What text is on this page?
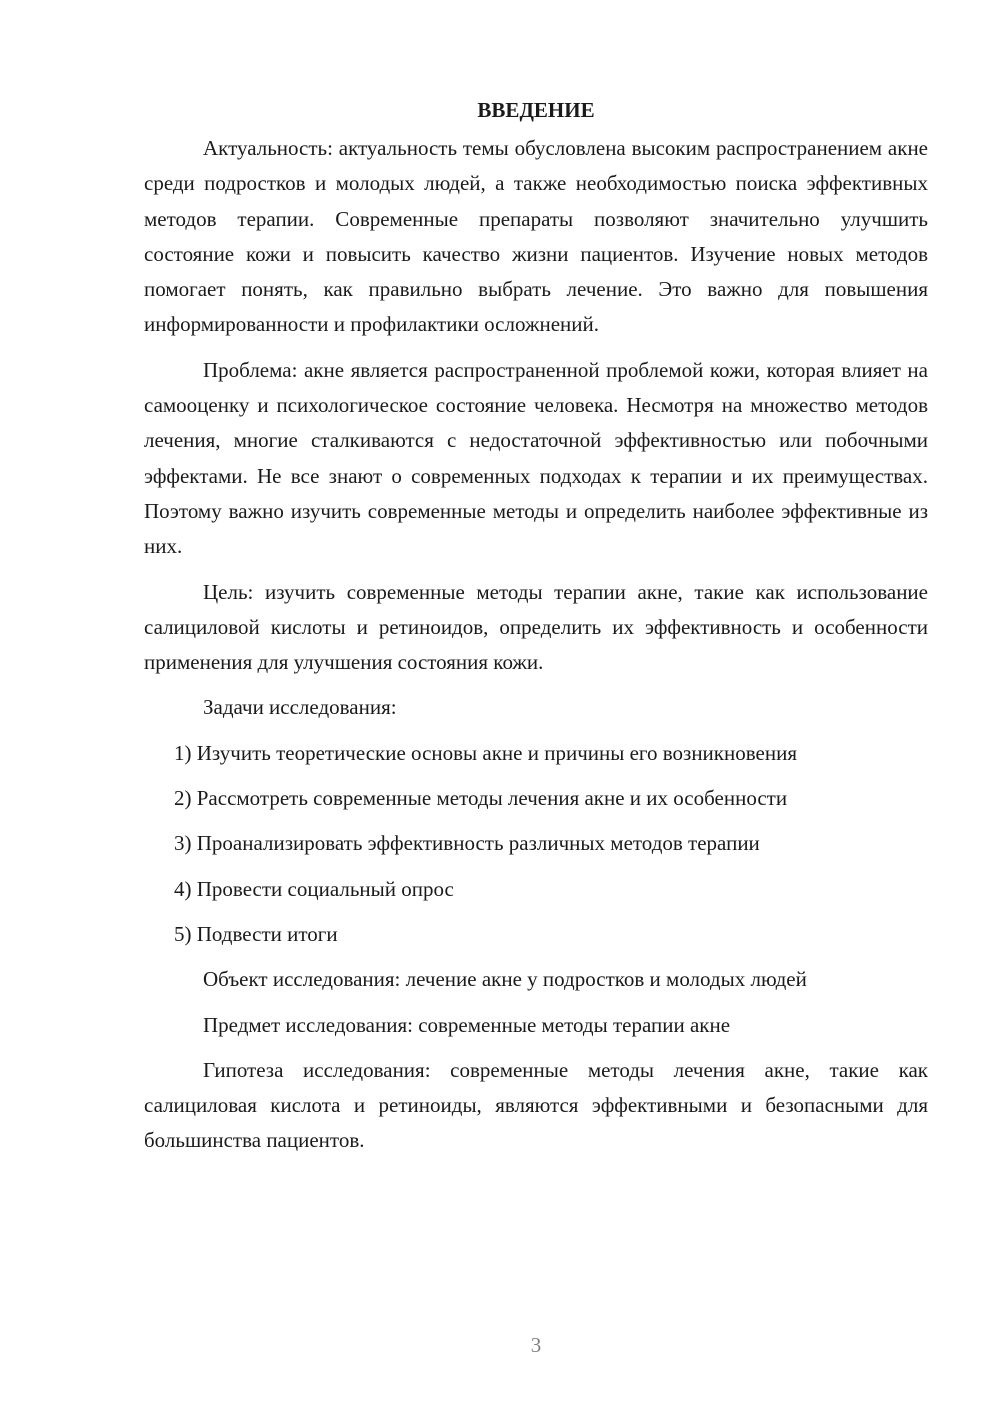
ВВЕДЕНИЕ

Актуальность: актуальность темы обусловлена высоким распространением акне среди подростков и молодых людей, а также необходимостью поиска эффективных методов терапии. Современные препараты позволяют значительно улучшить состояние кожи и повысить качество жизни пациентов. Изучение новых методов помогает понять, как правильно выбрать лечение. Это важно для повышения информированности и профилактики осложнений.

Проблема: акне является распространенной проблемой кожи, которая влияет на самооценку и психологическое состояние человека. Несмотря на множество методов лечения, многие сталкиваются с недостаточной эффективностью или побочными эффектами. Не все знают о современных подходах к терапии и их преимуществах. Поэтому важно изучить современные методы и определить наиболее эффективные из них.

Цель: изучить современные методы терапии акне, такие как использование салициловой кислоты и ретиноидов, определить их эффективность и особенности применения для улучшения состояния кожи.

Задачи исследования:
1) Изучить теоретические основы акне и причины его возникновения
2) Рассмотреть современные методы лечения акне и их особенности
3) Проанализировать эффективность различных методов терапии
4) Провести социальный опрос
5) Подвести итоги
Объект исследования: лечение акне у подростков и молодых людей
Предмет исследования: современные методы терапии акне

Гипотеза исследования: современные методы лечения акне, такие как салициловая кислота и ретиноиды, являются эффективными и безопасными для большинства пациентов.

3
